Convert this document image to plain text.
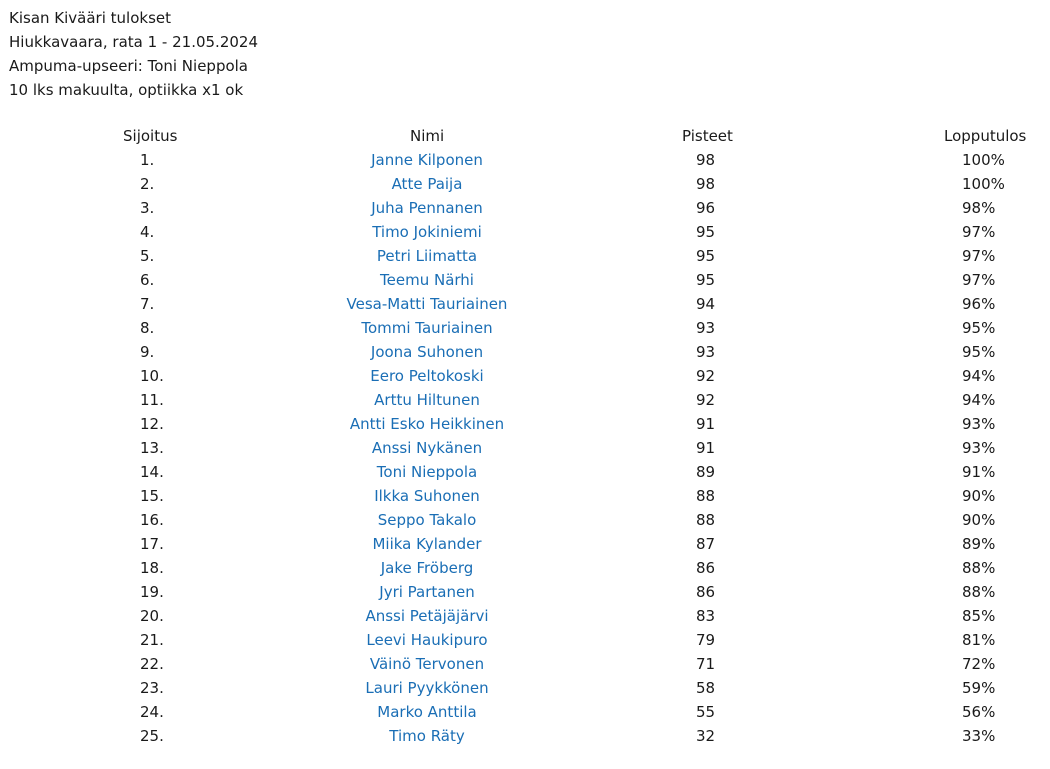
Kisan Kivääri tulokset
Hiukkavaara, rata 1 - 21.05.2024
Ampuma-upseeri: Toni Nieppola
10 lks makuulta, optiikka x1 ok
Sijoitus	Nimi	Pisteet	Lopputulos
1.	Janne Kilponen	98	100%
2.	Atte Paija	98	100%
3.	Juha Pennanen	96	98%
4.	Timo Jokiniemi	95	97%
5.	Petri Liimatta	95	97%
6.	Teemu Närhi	95	97%
7.	Vesa-Matti Tauriainen	94	96%
8.	Tommi Tauriainen	93	95%
9.	Joona Suhonen	93	95%
10.	Eero Peltokoski	92	94%
11.	Arttu Hiltunen	92	94%
12.	Antti Esko Heikkinen	91	93%
13.	Anssi Nykänen	91	93%
14.	Toni Nieppola	89	91%
15.	Ilkka Suhonen	88	90%
16.	Seppo Takalo	88	90%
17.	Miika Kylander	87	89%
18.	Jake Fröberg	86	88%
19.	Jyri Partanen	86	88%
20.	Anssi Petäjäjärvi	83	85%
21.	Leevi Haukipuro	79	81%
22.	Väinö Tervonen	71	72%
23.	Lauri Pyykkönen	58	59%
24.	Marko Anttila	55	56%
25.	Timo Räty	32	33%
